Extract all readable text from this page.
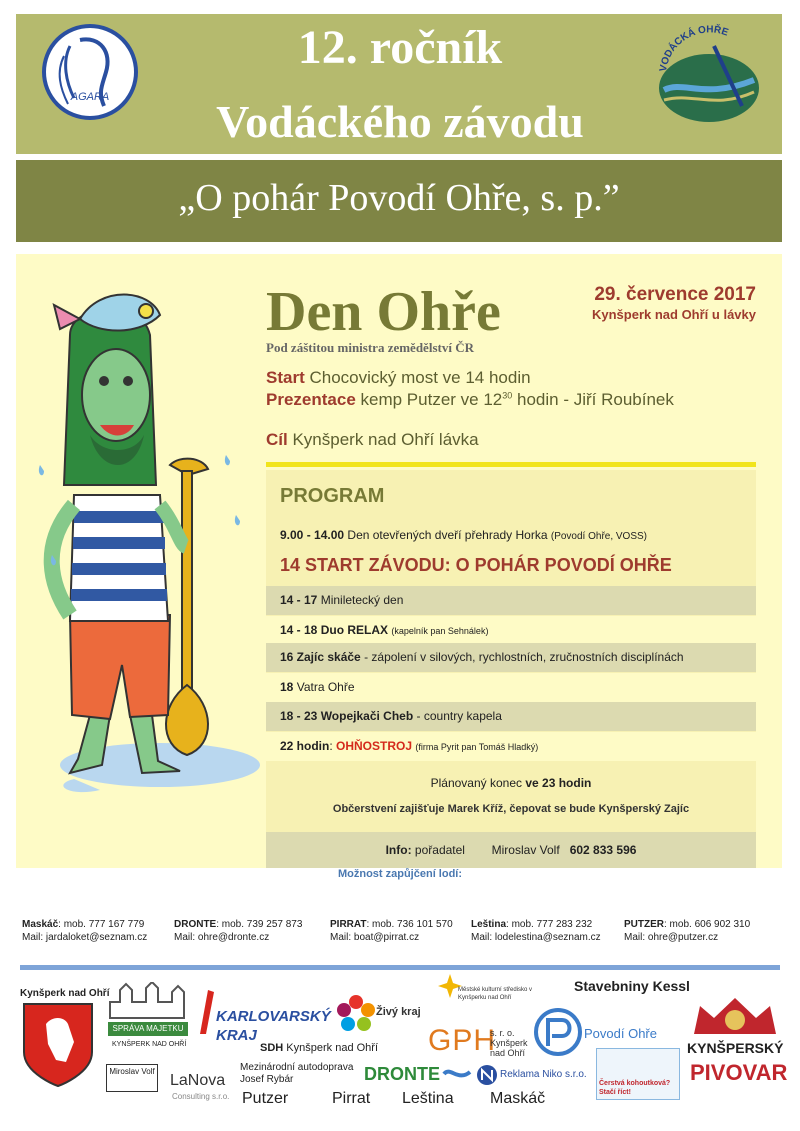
AGARA
12. ročník
Vodáckého závodu
VODÁCKÁ OHŘE
„O pohár Povodí Ohře, s. p.”
Den Ohře	29. července 2017
Kynšperk nad Ohří u lávky
Pod záštitou ministra zemědělství ČR
Start Chocovický most ve 14 hodin
Prezentace kemp Putzer ve $12^{30}$ hodin - Jiří Roubínek
Cíl Kynšperk nad Ohří lávka
PROGRAM
9.00 - 14.00 Den otevřených dveří přehrady Horka (Povodí Ohře, VOSS)
14 START ZÁVODU: O POHÁR POVODÍ OHŘE
14 - 17 Miniletecký den
14 - 18 Duo RELAX (kapelník pan Sehnálek)
16 Zajíc skáče - zápolení v silových, rychlostních, zručnostních disciplínách
18 Vatra Ohře
18 - 23 Wopejkači Cheb - country kapela
22 hodin: OHŇOSTROJ (firma Pyrit pan Tomáš Hladký)
Plánovaný konec ve 23 hodin
Občerstvení zajišťuje Marek Kříž, čepovat se bude Kynšperský Zajíc
Info: pořadatel Miroslav Volf 602 833 596
Možnost zapůjčení lodí:
Maskáč: mob. 777 167 779
Mail: jardaloket@seznam.cz
DRONTE: mob. 739 257 873
Mail: ohre@dronte.cz
PIRRAT: mob. 736 101 570
Mail: boat@pirrat.cz
Leština: mob. 777 283 232
Mail: lodelestina@seznam.cz
PUTZER: mob. 606 902 310
Mail: ohre@putzer.cz
Kynšperk nad Ohří
SPRÁVA MAJETKU
KYNŠPERK NAD OHŘÍ
KARLOVARSKÝ
KRAJ
Živý kraj
Městské kulturní středisko v Kynšperku nad Ohří
Stavebniny Kessl
Povodí Ohře
KYNŠPERSKÝ
PIVOVAR
SDH Kynšperk nad Ohří GPH
s. r. o.
Kynšperk
nad Ohří
Miroslav Volf
LaNova
Consulting s.r.o.
Mezinárodní autodoprava
Josef Rybár	DRONTE	Reklama Niko s.r.o.
Čerstvá kohoutková? Stačí říct!
Putzer	Pirrat Leština Maskáč
